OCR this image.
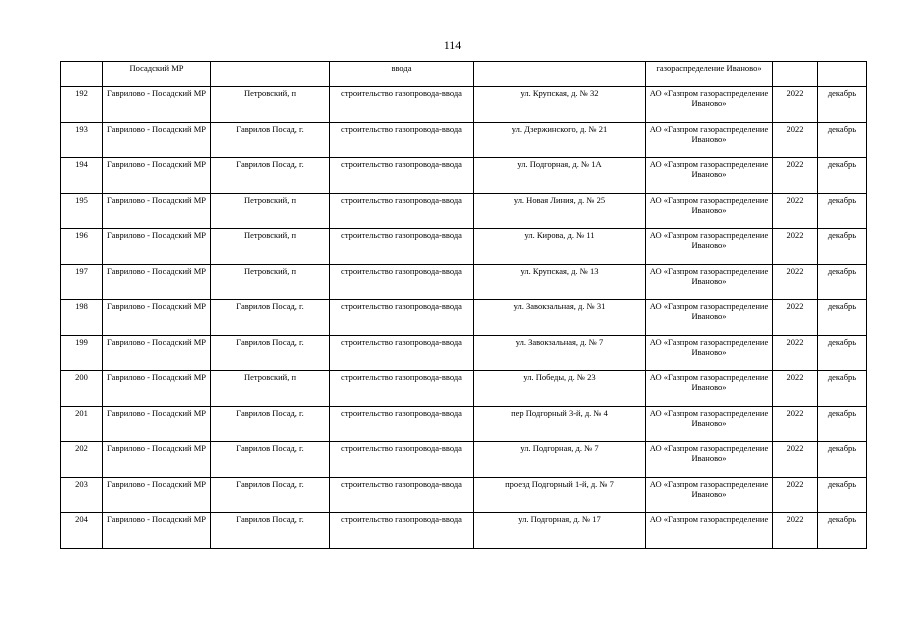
114
	Посадский МР		ввода		газораспределение Иваново»		
192	Гаврилово - Посадский МР	Петровский, п	строительство газопровода-ввода	ул. Крупская, д. № 32	АО «Газпром газораспределение Иваново»	2022	декабрь
193	Гаврилово - Посадский МР	Гаврилов Посад, г.	строительство газопровода-ввода	ул. Дзержинского, д. № 21	АО «Газпром газораспределение Иваново»	2022	декабрь
194	Гаврилово - Посадский МР	Гаврилов Посад, г.	строительство газопровода-ввода	ул. Подгорная, д. № 1А	АО «Газпром газораспределение Иваново»	2022	декабрь
195	Гаврилово - Посадский МР	Петровский, п	строительство газопровода-ввода	ул. Новая Линия, д. № 25	АО «Газпром газораспределение Иваново»	2022	декабрь
196	Гаврилово - Посадский МР	Петровский, п	строительство газопровода-ввода	ул. Кирова, д. № 11	АО «Газпром газораспределение Иваново»	2022	декабрь
197	Гаврилово - Посадский МР	Петровский, п	строительство газопровода-ввода	ул. Крупская, д. № 13	АО «Газпром газораспределение Иваново»	2022	декабрь
198	Гаврилово - Посадский МР	Гаврилов Посад, г.	строительство газопровода-ввода	ул. Завокзальная, д. № 31	АО «Газпром газораспределение Иваново»	2022	декабрь
199	Гаврилово - Посадский МР	Гаврилов Посад, г.	строительство газопровода-ввода	ул. Завокзальная, д. № 7	АО «Газпром газораспределение Иваново»	2022	декабрь
200	Гаврилово - Посадский МР	Петровский, п	строительство газопровода-ввода	ул. Победы, д. № 23	АО «Газпром газораспределение Иваново»	2022	декабрь
201	Гаврилово - Посадский МР	Гаврилов Посад, г.	строительство газопровода-ввода	пер Подгорный 3-й, д. № 4	АО «Газпром газораспределение Иваново»	2022	декабрь
202	Гаврилово - Посадский МР	Гаврилов Посад, г.	строительство газопровода-ввода	ул. Подгорная, д. № 7	АО «Газпром газораспределение Иваново»	2022	декабрь
203	Гаврилово - Посадский МР	Гаврилов Посад, г.	строительство газопровода-ввода	проезд Подгорный 1-й, д. № 7	АО «Газпром газораспределение Иваново»	2022	декабрь
204	Гаврилово - Посадский МР	Гаврилов Посад, г.	строительство газопровода-ввода	ул. Подгорная, д. № 17	АО «Газпром газораспределение	2022	декабрь
